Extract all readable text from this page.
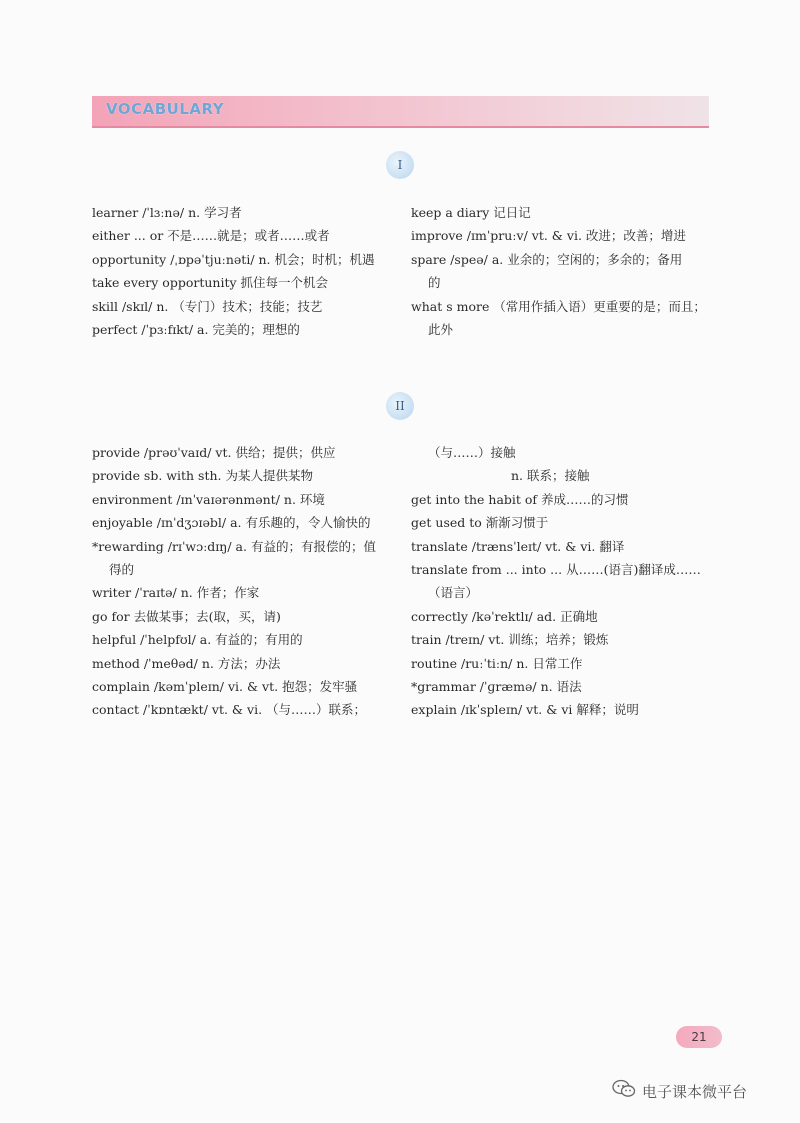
VOCABULARY
I
learner /ˈlɜːnə/ n. 学习者
either ... or 不是……就是；或者……或者
opportunity /ˌɒpəˈtjuːnəti/ n. 机会；时机；机遇
take every opportunity 抓住每一个机会
skill /skɪl/ n. （专门）技术；技能；技艺
perfect /ˈpɜːfɪkt/ a. 完美的；理想的
keep a diary 记日记
improve /ɪmˈpruːv/ vt. & vi. 改进；改善；增进
spare /speə/ a. 业余的；空闲的；多余的；备用
的
what s more （常用作插入语）更重要的是；而且；
此外
II
provide /prəʊˈvaɪd/ vt. 供给；提供；供应
provide sb. with sth. 为某人提供某物
environment /ɪnˈvaɪərənmənt/ n. 环境
enjoyable /ɪnˈdʒɔɪəbl/ a. 有乐趣的，令人愉快的
*rewarding /rɪˈwɔːdɪŋ/ a. 有益的；有报偿的；值
得的
writer /ˈraɪtə/ n. 作者；作家
go for 去做某事；去(取，买，请)
helpful /ˈhelpfʊl/ a. 有益的；有用的
method /ˈmeθəd/ n. 方法；办法
complain /kəmˈpleɪn/ vi. & vt. 抱怨；发牢骚
contact /ˈkɒntækt/ vt. & vi. （与……）联系；
（与……）接触
n. 联系；接触
get into the habit of 养成……的习惯
get used to 渐渐习惯于
translate /trænsˈleɪt/ vt. & vi. 翻译
translate from ... into ... 从……(语言)翻译成……
（语言）
correctly /kəˈrektlɪ/ ad. 正确地
train /treɪn/ vt. 训练；培养；锻炼
routine /ruːˈtiːn/ n. 日常工作
*grammar /ˈɡræmə/ n. 语法
explain /ɪkˈspleɪn/ vt. & vi 解释；说明
21
电子课本微平台
